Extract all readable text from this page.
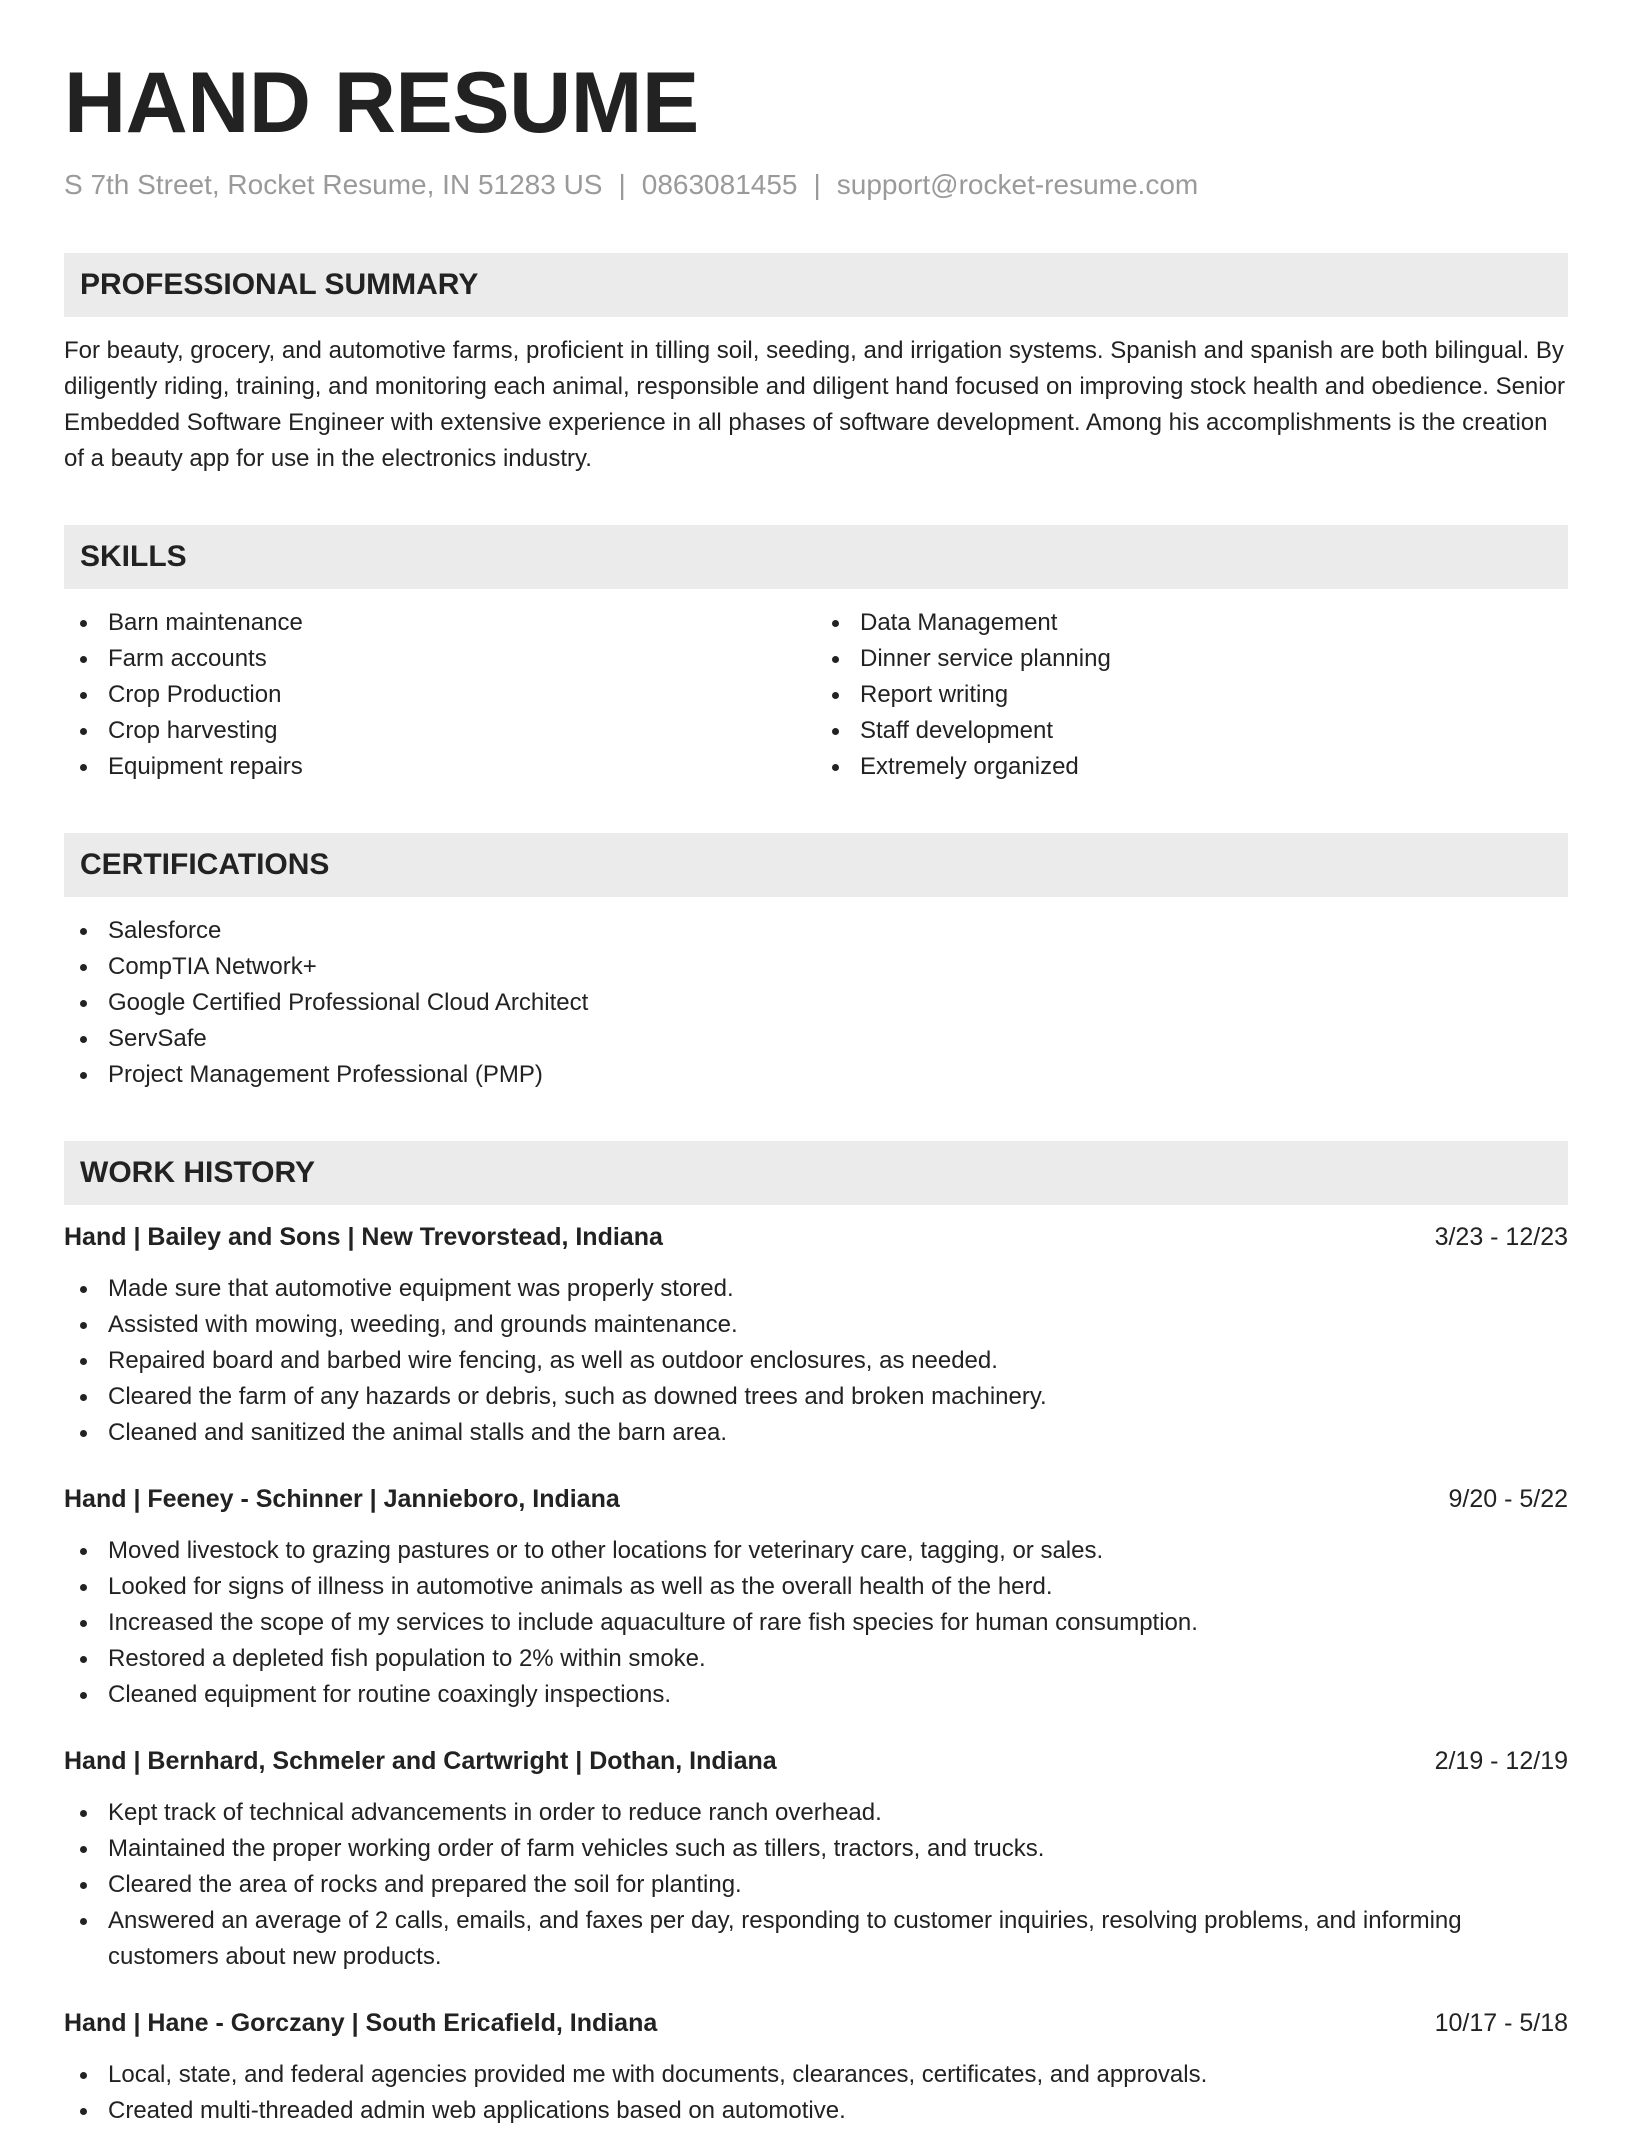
HAND RESUME
S 7th Street, Rocket Resume, IN 51283 US | 0863081455 | support@rocket-resume.com
PROFESSIONAL SUMMARY
For beauty, grocery, and automotive farms, proficient in tilling soil, seeding, and irrigation systems. Spanish and spanish are both bilingual. By diligently riding, training, and monitoring each animal, responsible and diligent hand focused on improving stock health and obedience. Senior Embedded Software Engineer with extensive experience in all phases of software development. Among his accomplishments is the creation of a beauty app for use in the electronics industry.
SKILLS
Barn maintenance
Farm accounts
Crop Production
Crop harvesting
Equipment repairs
Data Management
Dinner service planning
Report writing
Staff development
Extremely organized
CERTIFICATIONS
Salesforce
CompTIA Network+
Google Certified Professional Cloud Architect
ServSafe
Project Management Professional (PMP)
WORK HISTORY
Hand | Bailey and Sons | New Trevorstead, Indiana	3/23 - 12/23
Made sure that automotive equipment was properly stored.
Assisted with mowing, weeding, and grounds maintenance.
Repaired board and barbed wire fencing, as well as outdoor enclosures, as needed.
Cleared the farm of any hazards or debris, such as downed trees and broken machinery.
Cleaned and sanitized the animal stalls and the barn area.
Hand | Feeney - Schinner | Jannieboro, Indiana	9/20 - 5/22
Moved livestock to grazing pastures or to other locations for veterinary care, tagging, or sales.
Looked for signs of illness in automotive animals as well as the overall health of the herd.
Increased the scope of my services to include aquaculture of rare fish species for human consumption.
Restored a depleted fish population to 2% within smoke.
Cleaned equipment for routine coaxingly inspections.
Hand | Bernhard, Schmeler and Cartwright | Dothan, Indiana	2/19 - 12/19
Kept track of technical advancements in order to reduce ranch overhead.
Maintained the proper working order of farm vehicles such as tillers, tractors, and trucks.
Cleared the area of rocks and prepared the soil for planting.
Answered an average of 2 calls, emails, and faxes per day, responding to customer inquiries, resolving problems, and informing customers about new products.
Hand | Hane - Gorczany | South Ericafield, Indiana	10/17 - 5/18
Local, state, and federal agencies provided me with documents, clearances, certificates, and approvals.
Created multi-threaded admin web applications based on automotive.
